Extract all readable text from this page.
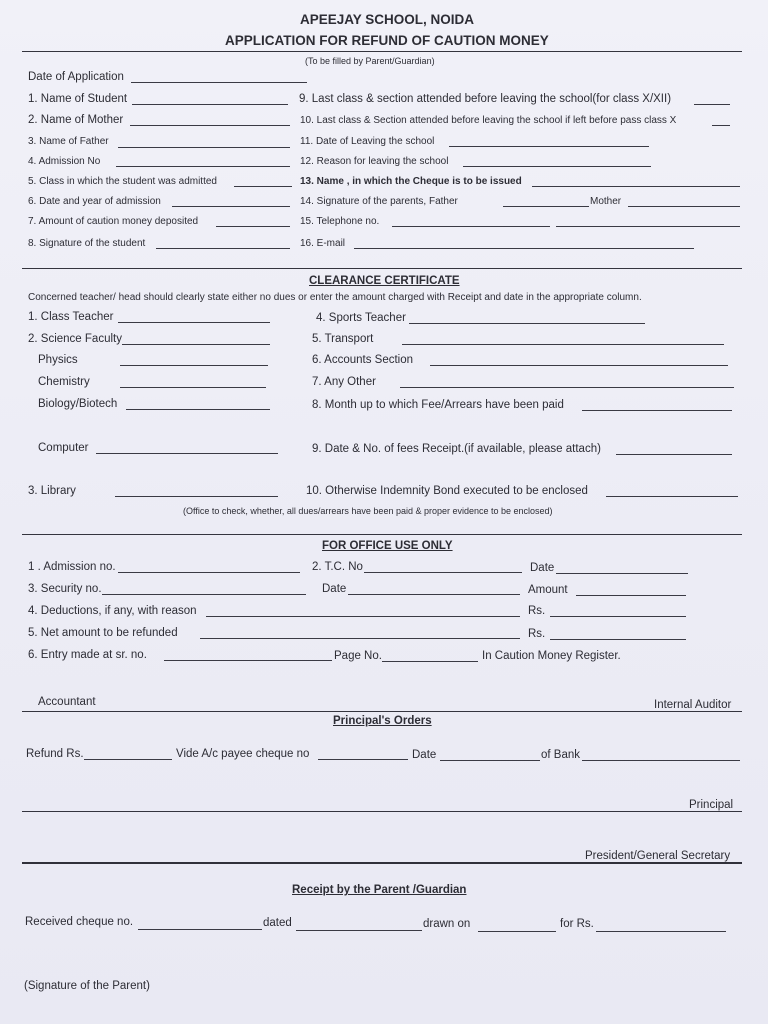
APEEJAY SCHOOL, NOIDA
APPLICATION FOR REFUND OF CAUTION MONEY
(To be filled by Parent/Guardian)
Date of Application
1. Name of Student
2. Name of Mother
3. Name of Father
4. Admission No
5. Class in which the student was admitted
6. Date and year of admission
7. Amount of caution money deposited
8. Signature of the student
9. Last class & section attended before leaving the school(for class X/XII)
10. Last class & Section attended before leaving the school if left before pass class X
11. Date of Leaving the school
12. Reason for leaving the school
13. Name , in which the Cheque is to be issued
14. Signature of the parents, Father	Mother
15. Telephone no.
16. E-mail
CLEARANCE CERTIFICATE
Concerned teacher/ head should clearly state either no dues or enter the amount charged with Receipt and date in the appropriate column.
1. Class Teacher
2. Science Faculty
Physics
Chemistry
Biology/Biotech
Computer
3. Library
4. Sports Teacher
5. Transport
6. Accounts Section
7. Any Other
8. Month up to which Fee/Arrears have been paid
9. Date & No. of fees Receipt.(if available, please attach)
10. Otherwise Indemnity Bond executed to be enclosed
(Office to check, whether, all dues/arrears have been paid & proper evidence to be enclosed)
FOR OFFICE USE ONLY
1 . Admission no.	2. T.C. No	Date
3. Security no.	Date	Amount
4. Deductions, if any, with reason	Rs.
5. Net amount to be refunded	Rs.
6. Entry made at sr. no.	Page No.	In Caution Money Register.
Accountant	Internal Auditor
Principal's Orders
Refund Rs.	Vide A/c payee cheque no	Date	of Bank
Principal
President/General Secretary
Receipt by the Parent /Guardian
Received cheque no.	dated	drawn on	for Rs.
(Signature of the Parent)
